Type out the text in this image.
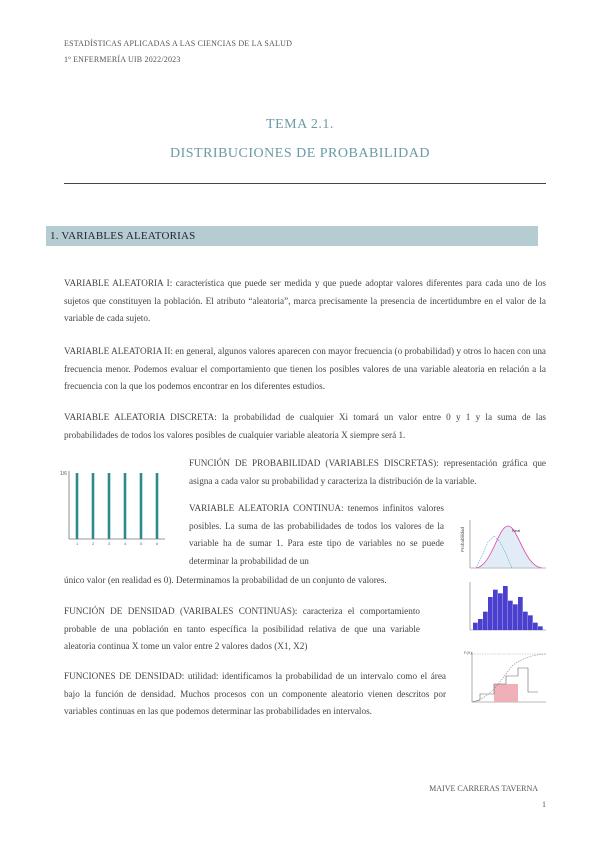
ESTADÍSTICAS APLICADAS A LAS CIENCIAS DE LA SALUD
1º ENFERMERÍA UIB 2022/2023
TEMA 2.1.
DISTRIBUCIONES DE PROBABILIDAD
1. VARIABLES ALEATORIAS

VARIABLE ALEATORIA I: característica que puede ser medida y que puede adoptar valores diferentes para cada uno de los sujetos que constituyen la población. El atributo “aleatoria”, marca precisamente la presencia de incertidumbre en el valor de la variable de cada sujeto.

VARIABLE ALEATORIA II: en general, algunos valores aparecen con mayor frecuencia (o probabilidad) y otros lo hacen con una frecuencia menor. Podemos evaluar el comportamiento que tienen los posibles valores de una variable aleatoria en relación a la frecuencia con la que los podemos encontrar en los diferentes estudios.

VARIABLE ALEATORIA DISCRETA: la probabilidad de cualquier Xi tomará un valor entre 0 y 1 y la suma de las probabilidades de todos los valores posibles de cualquier variable aleatoria X siempre será 1.

FUNCIÓN DE PROBABILIDAD (VARIABLES DISCRETAS): representación gráfica que asigna a cada valor su probabilidad y caracteriza la distribución de la variable.

VARIABLE ALEATORIA CONTINUA: tenemos infinitos valores posibles. La suma de las probabilidades de todos los valores de la variable ha de sumar 1. Para este tipo de variables no se puede determinar la probabilidad de un

único valor (en realidad es 0). Determinamos la probabilidad de un conjunto de valores.

FUNCIÓN DE DENSIDAD (VARIBALES CONTINUAS): caracteriza el comportamiento probable de una población en tanto específica la posibilidad relativa de que una variable aleatoria continua X tome un valor entre 2 valores dados (X1, X2)

FUNCIONES DE DENSIDAD: utilidad: identificamos la probabilidad de un intervalo como el área bajo la función de densidad. Muchos procesos con un componente aleatorio vienen descritos por variables continuas en las que podemos determinar las probabilidades en intervalos.

1/6
1	2	3	4	5	6	Probabilidad	Real
F(X)
MAIVE CARRERAS TAVERNA
1
